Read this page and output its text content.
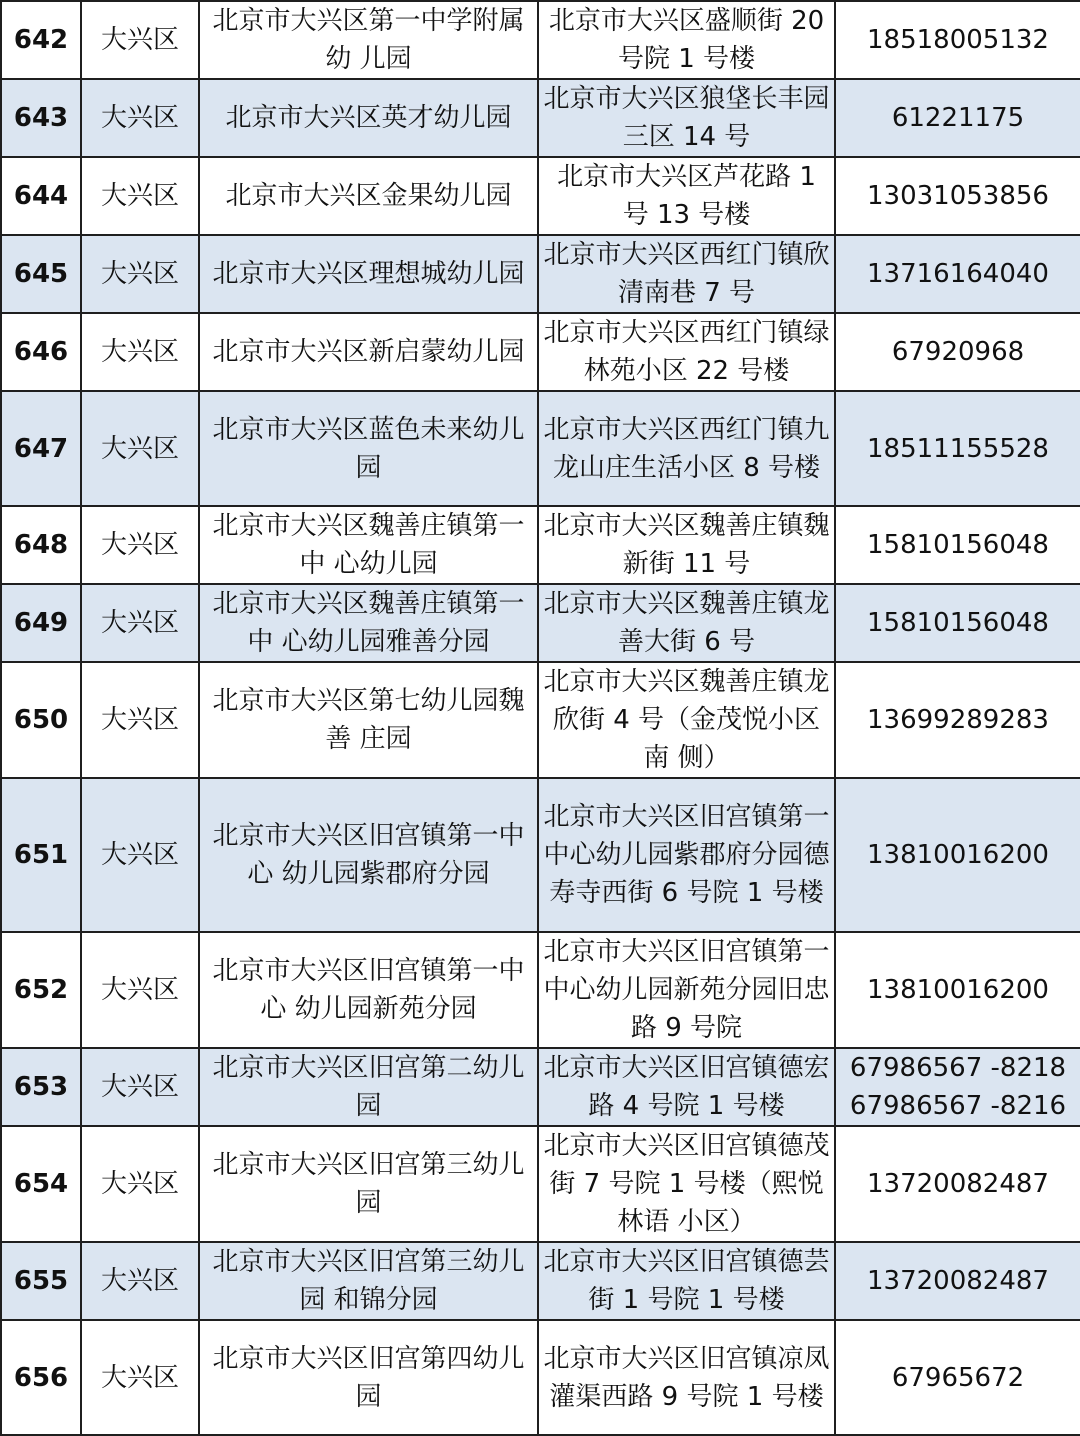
642	大兴区	北京市大兴区第一中学附属幼 儿园	北京市大兴区盛顺街 20 号院 1 号楼	18518005132

643	大兴区	北京市大兴区英才幼儿园	北京市大兴区狼垡长丰园三区 14 号	61221175

644	大兴区	北京市大兴区金果幼儿园	北京市大兴区芦花路 1 号 13 号楼	13031053856

645	大兴区	北京市大兴区理想城幼儿园	北京市大兴区西红门镇欣清南巷 7 号	13716164040

646	大兴区	北京市大兴区新启蒙幼儿园	北京市大兴区西红门镇绿林苑小区 22 号楼	67920968

647	大兴区	北京市大兴区蓝色未来幼儿园	北京市大兴区西红门镇九龙山庄生活小区 8 号楼	18511155528

648	大兴区	北京市大兴区魏善庄镇第一中 心幼儿园	北京市大兴区魏善庄镇魏新街 11 号	15810156048

649	大兴区	北京市大兴区魏善庄镇第一中 心幼儿园雅善分园	北京市大兴区魏善庄镇龙善大街 6 号	15810156048

650	大兴区	北京市大兴区第七幼儿园魏善 庄园	北京市大兴区魏善庄镇龙欣街 4 号（金茂悦小区南 侧）	13699289283

651	大兴区	北京市大兴区旧宫镇第一中心 幼儿园紫郡府分园	北京市大兴区旧宫镇第一中心幼儿园紫郡府分园德 寿寺西街 6 号院 1 号楼	13810016200

652	大兴区	北京市大兴区旧宫镇第一中心 幼儿园新苑分园	北京市大兴区旧宫镇第一中心幼儿园新苑分园旧忠 路 9 号院	13810016200

653	大兴区	北京市大兴区旧宫第二幼儿园	北京市大兴区旧宫镇德宏路 4 号院 1 号楼	67986567 -8218
67986567 -8216

654	大兴区	北京市大兴区旧宫第三幼儿园	北京市大兴区旧宫镇德茂街 7 号院 1 号楼（熙悦林语 小区）	13720082487

655	大兴区	北京市大兴区旧宫第三幼儿园 和锦分园	北京市大兴区旧宫镇德芸街 1 号院 1 号楼	13720082487

656	大兴区	北京市大兴区旧宫第四幼儿园	北京市大兴区旧宫镇凉凤灌渠西路 9 号院 1 号楼	67965672
